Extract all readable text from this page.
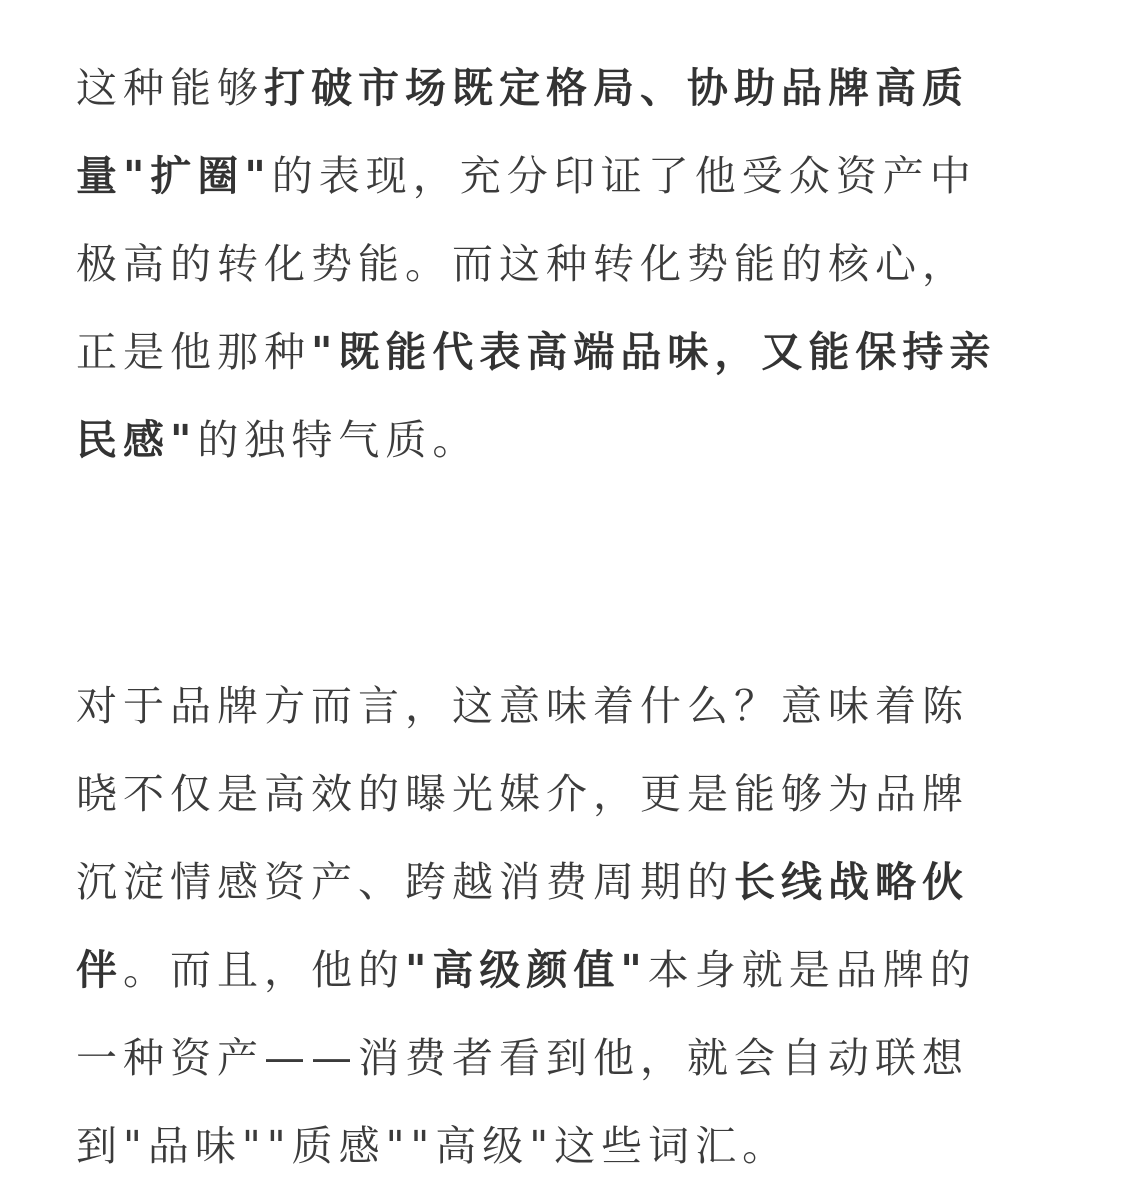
这种能够打破市场既定格局、协助品牌高质
量"扩圈"的表现，充分印证了他受众资产中
极高的转化势能。而这种转化势能的核心，
正是他那种"既能代表高端品味，又能保持亲
民感"的独特气质。

对于品牌方而言，这意味着什么？意味着陈
晓不仅是高效的曝光媒介，更是能够为品牌
沉淀情感资产、跨越消费周期的长线战略伙
伴。而且，他的"高级颜值"本身就是品牌的
一种资产——消费者看到他，就会自动联想
到"品味""质感""高级"这些词汇。
